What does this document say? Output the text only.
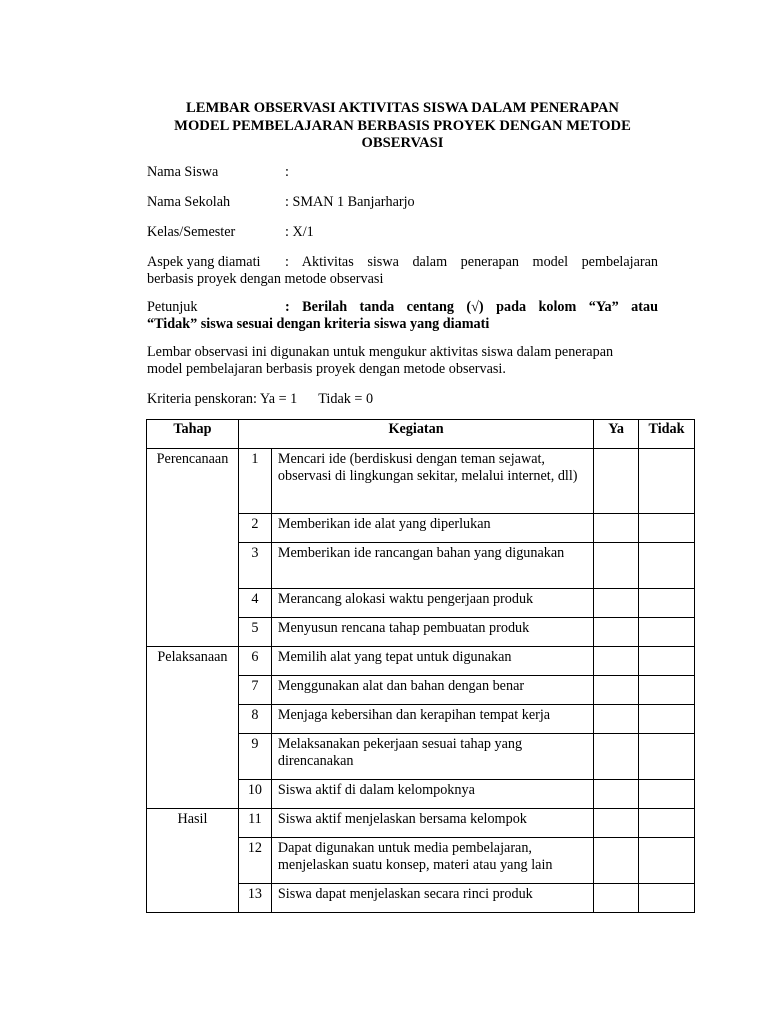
LEMBAR OBSERVASI AKTIVITAS SISWA DALAM PENERAPAN
MODEL PEMBELAJARAN BERBASIS PROYEK DENGAN METODE
OBSERVASI
Nama Siswa	:
Nama Sekolah	: SMAN 1 Banjarharjo
Kelas/Semester	: X/1
Aspek yang diamati	: Aktivitas siswa dalam penerapan model pembelajaran
berbasis proyek dengan metode observasi
Petunjuk	: Berilah tanda centang (√) pada kolom “Ya” atau
“Tidak” siswa sesuai dengan kriteria siswa yang diamati
Lembar observasi ini digunakan untuk mengukur aktivitas siswa dalam penerapan
model pembelajaran berbasis proyek dengan metode observasi.
Kriteria penskoran: Ya = 1      Tidak = 0
Tahap	Kegiatan		Ya	Tidak
Perencanaan	1	Mencari ide (berdiskusi dengan teman sejawat, observasi di lingkungan sekitar, melalui internet, dll)		
	2	Memberikan ide alat yang diperlukan		
	3	Memberikan ide rancangan bahan yang digunakan		
	4	Merancang alokasi waktu pengerjaan produk		
	5	Menyusun rencana tahap pembuatan produk		
Pelaksanaan	6	Memilih alat yang tepat untuk digunakan		
	7	Menggunakan alat dan bahan dengan benar		
	8	Menjaga kebersihan dan kerapihan tempat kerja		
	9	Melaksanakan pekerjaan sesuai tahap yang direncanakan		
	10	Siswa aktif di dalam kelompoknya		
Hasil	11	Siswa aktif menjelaskan bersama kelompok		
	12	Dapat digunakan untuk media pembelajaran, menjelaskan suatu konsep, materi atau yang lain		
	13	Siswa dapat menjelaskan secara rinci produk		
